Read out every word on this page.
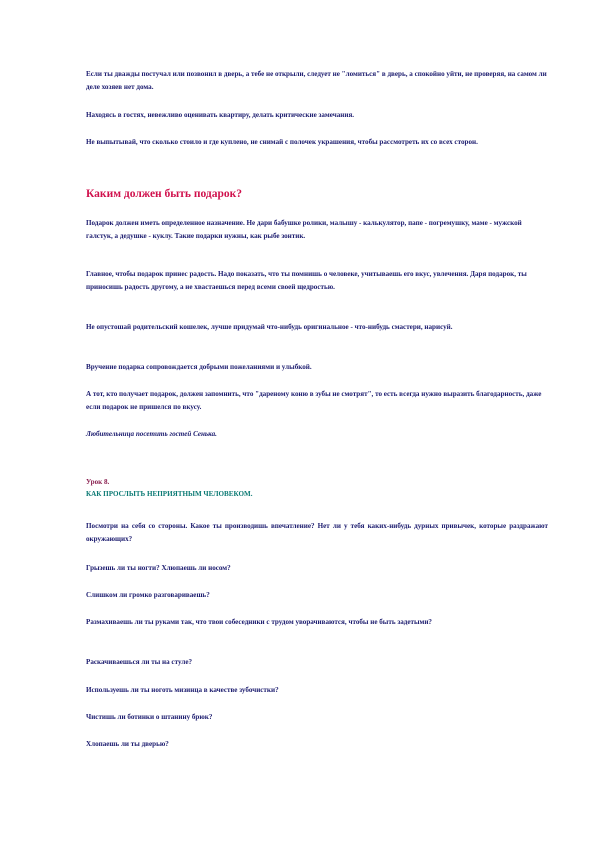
Если ты дважды постучал или позвонил в дверь, а тебе не открыли, следует не "ломиться" в дверь, а спокойно уйти, не проверяя, на самом ли деле хозяев нет дома.

Находясь в гостях, невежливо оценивать квартиру, делать критические замечания.

Не выпытывай, что сколько стоило и где куплено, не снимай с полочек украшения, чтобы рассмотреть их со всех сторон.

Каким должен быть подарок?

Подарок должен иметь определенное назначение. Не дари бабушке ролики, малышу - калькулятор, папе - погремушку, маме - мужской галстук, а дедушке - куклу. Такие подарки нужны, как рыбе зонтик.

Главное, чтобы подарок принес радость. Надо показать, что ты помнишь о человеке, учитываешь его вкус, увлечения. Даря подарок, ты приносишь радость другому, а не хвастаешься перед всеми своей щедростью.

Не опустошай родительский кошелек, лучше придумай что-нибудь оригинальное - что-нибудь смастери, нарисуй.

Вручение подарка сопровождается добрыми пожеланиями и улыбкой.

А тот, кто получает подарок, должен запомнить, что "дареному коню в зубы не смотрят", то есть всегда нужно выразить благодарность, даже если подарок не пришелся по вкусу.

Любительница посетить гостей Сенька.

Урок 8.

КАК ПРОСЛЫТЬ НЕПРИЯТНЫМ ЧЕЛОВЕКОМ.

Посмотри на себя со стороны. Какое ты производишь впечатление? Нет ли у тебя каких-нибудь дурных привычек, которые раздражают окружающих?

Грызешь ли ты ногти? Хлюпаешь ли носом?

Слишком ли громко разговариваешь?

Размахиваешь ли ты руками так, что твои собеседники с трудом уворачиваются, чтобы не быть задетыми?

Раскачиваешься ли ты на стуле?

Используешь ли ты ноготь мизинца в качестве зубочистки?

Чистишь ли ботинки о штанину брюк?

Хлопаешь ли ты дверью?
